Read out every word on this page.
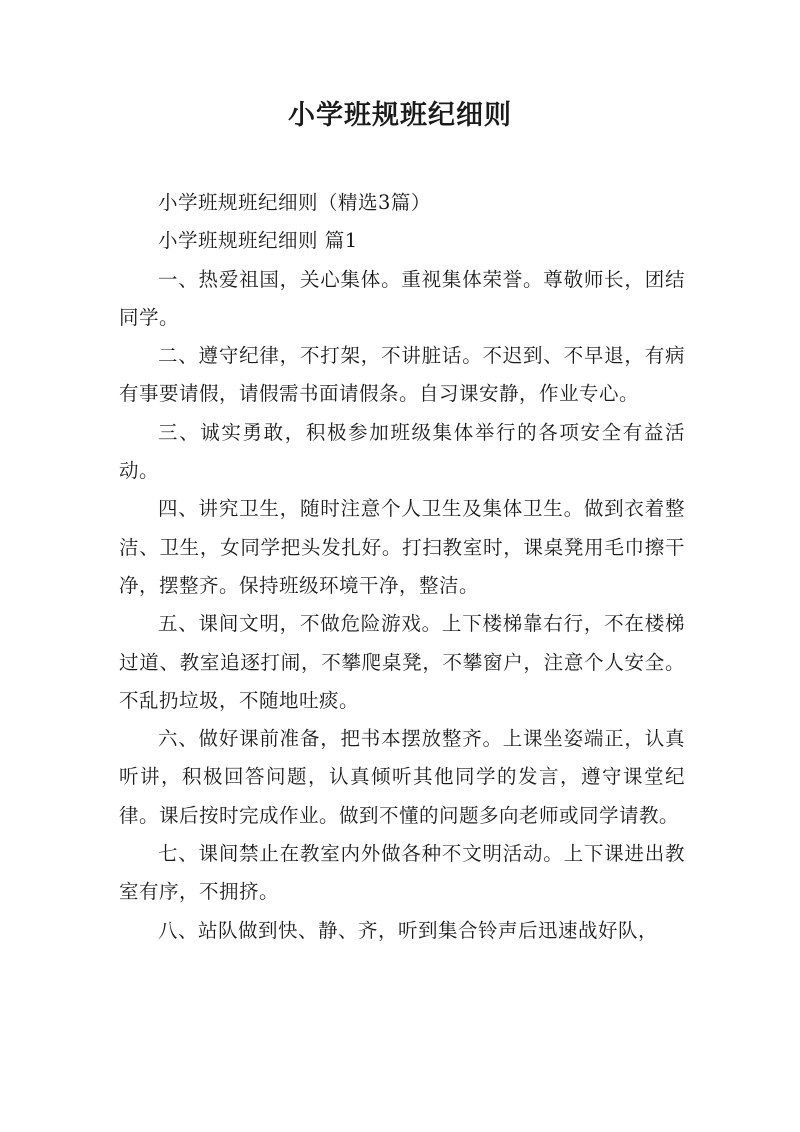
小学班规班纪细则

小学班规班纪细则（精选3篇）

小学班规班纪细则 篇1

一、热爱祖国，关心集体。重视集体荣誉。尊敬师长，团结同学。

二、遵守纪律，不打架，不讲脏话。不迟到、不早退，有病有事要请假，请假需书面请假条。自习课安静，作业专心。

三、诚实勇敢，积极参加班级集体举行的各项安全有益活动。

四、讲究卫生，随时注意个人卫生及集体卫生。做到衣着整洁、卫生，女同学把头发扎好。打扫教室时，课桌凳用毛巾擦干净，摆整齐。保持班级环境干净，整洁。

五、课间文明，不做危险游戏。上下楼梯靠右行，不在楼梯过道、教室追逐打闹，不攀爬桌凳，不攀窗户，注意个人安全。不乱扔垃圾，不随地吐痰。

六、做好课前准备，把书本摆放整齐。上课坐姿端正，认真听讲，积极回答问题，认真倾听其他同学的发言，遵守课堂纪律。课后按时完成作业。做到不懂的问题多向老师或同学请教。

七、课间禁止在教室内外做各种不文明活动。上下课进出教室有序，不拥挤。

八、站队做到快、静、齐，听到集合铃声后迅速战好队，
